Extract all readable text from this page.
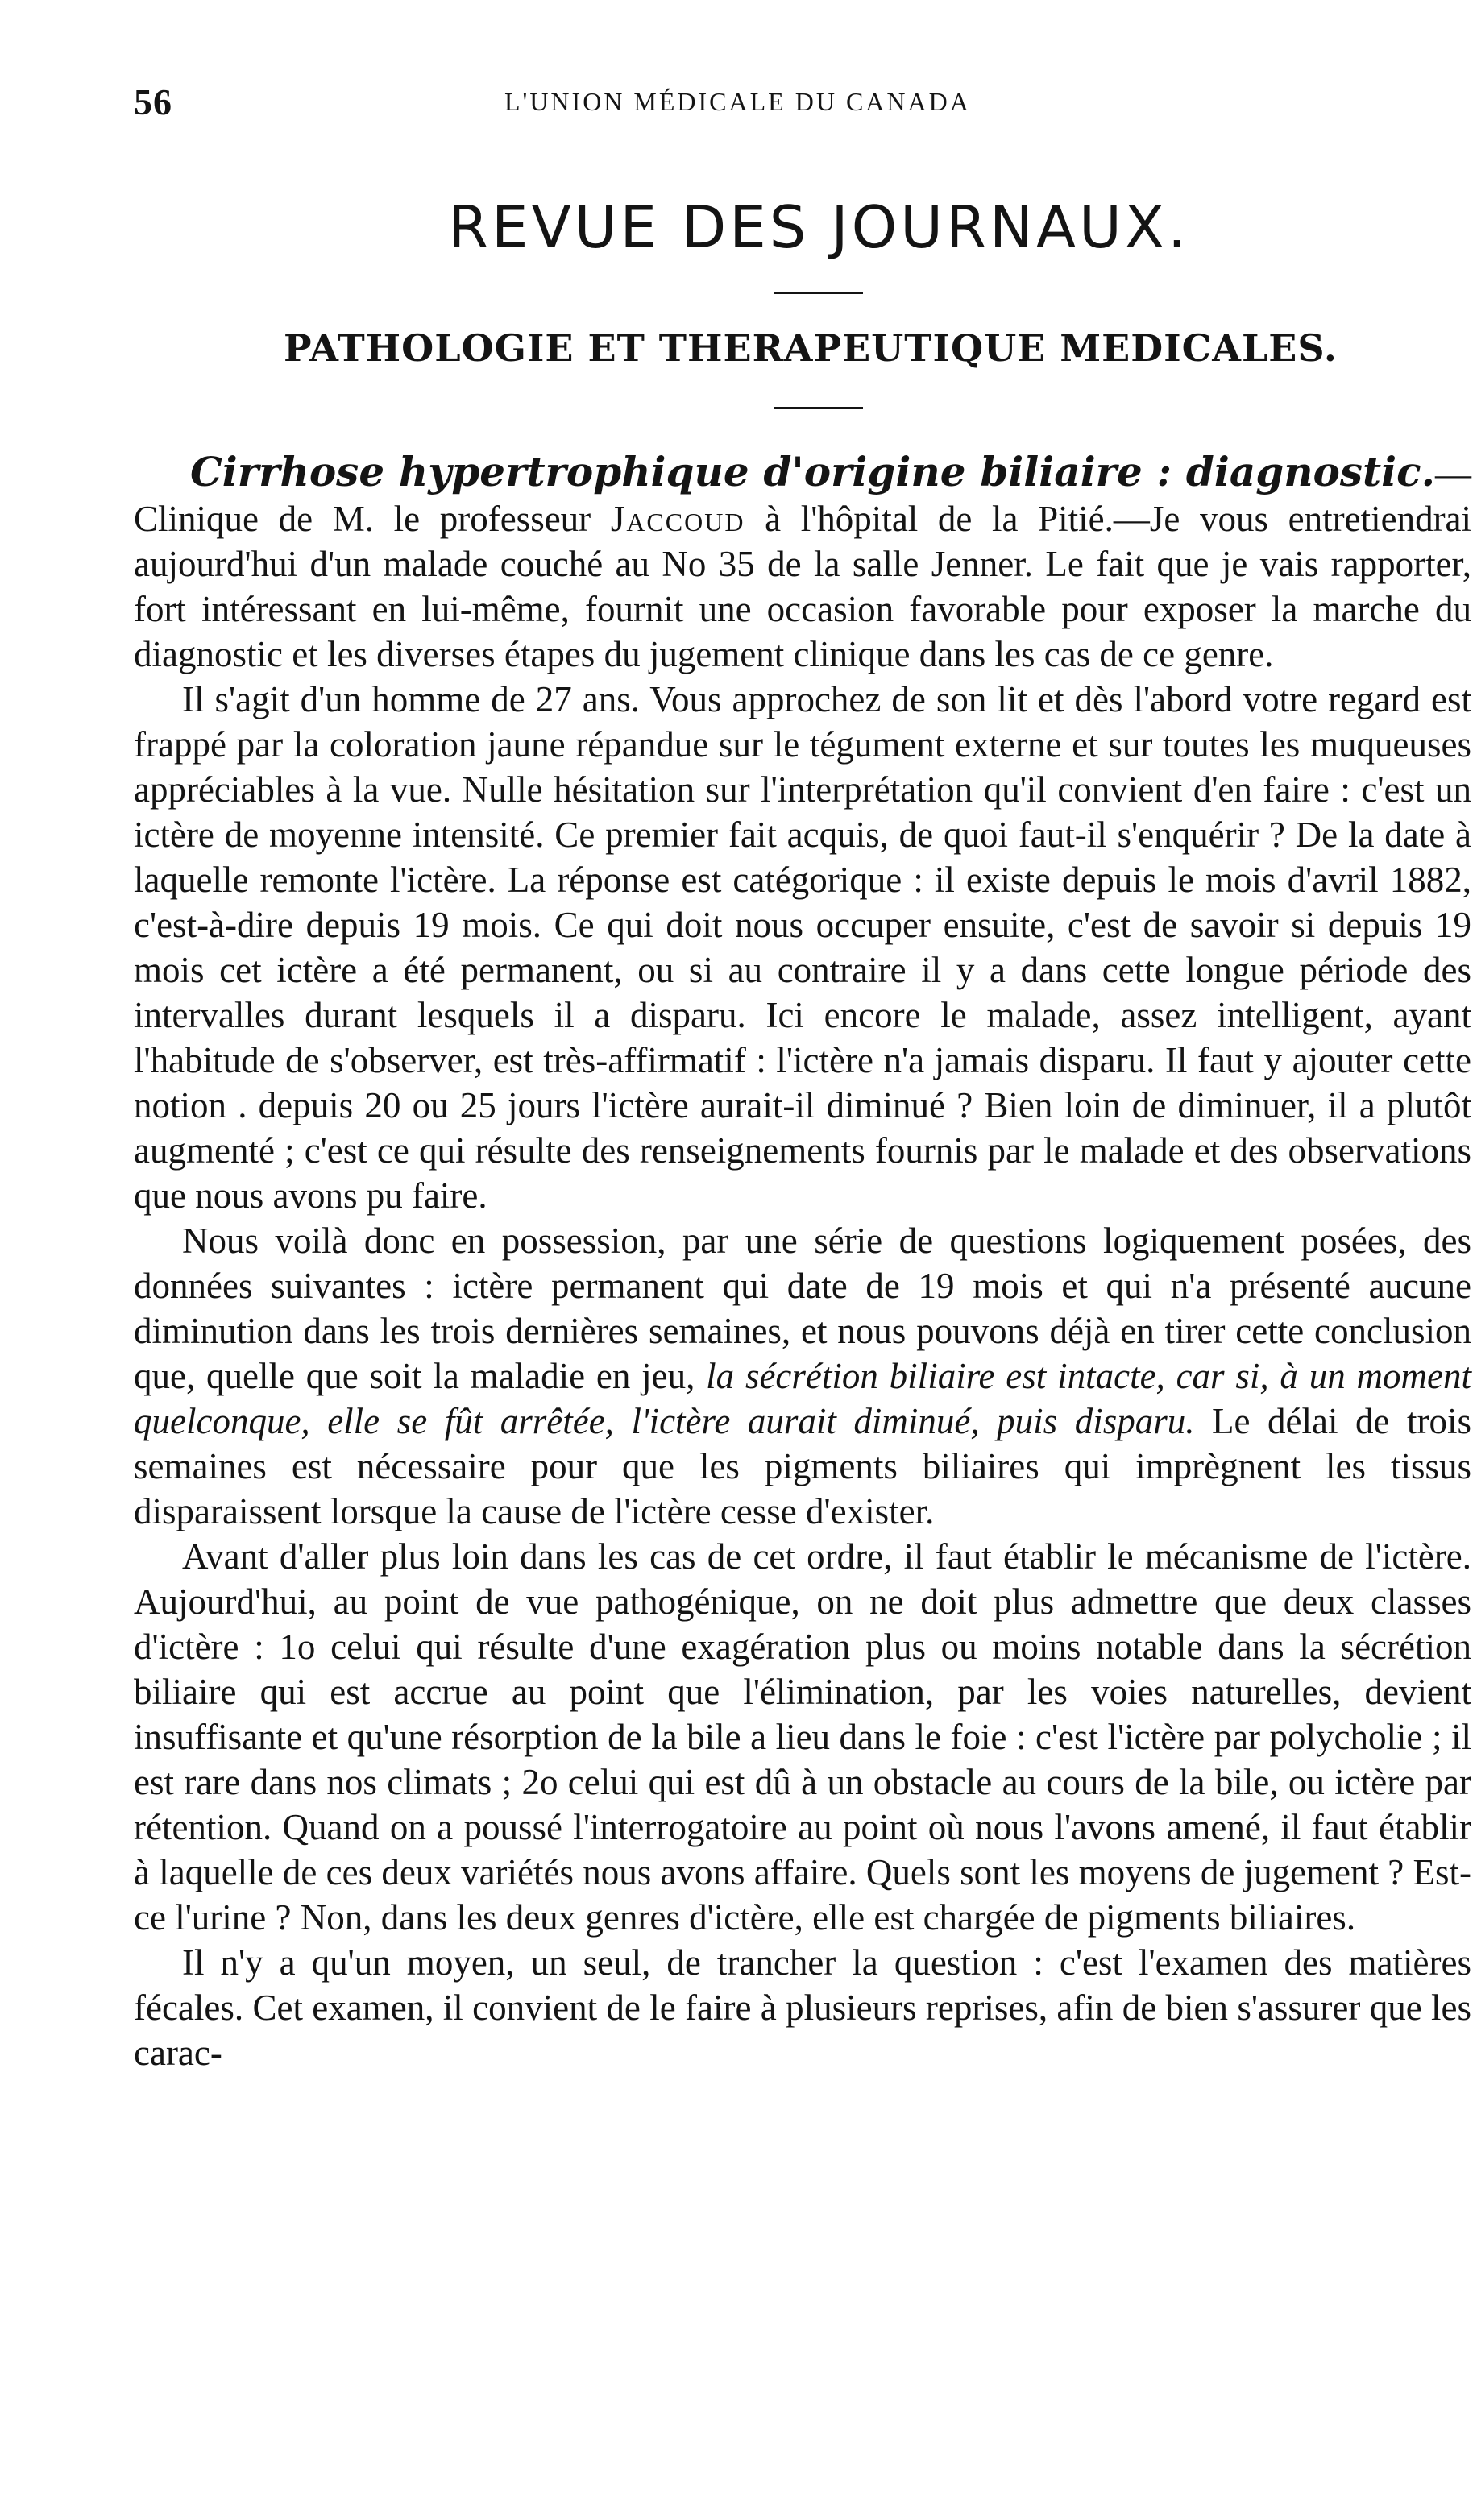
56	L'UNION MÉDICALE DU CANADA
REVUE DES JOURNAUX.
PATHOLOGIE ET THERAPEUTIQUE MEDICALES.

Cirrhose hypertrophique d'origine biliaire : diagnostic.—Clinique de M. le professeur Jaccoud à l'hôpital de la Pitié.—Je vous entretiendrai aujourd'hui d'un malade couché au No 35 de la salle Jenner. Le fait que je vais rapporter, fort intéressant en lui-même, fournit une occasion favorable pour exposer la marche du diagnostic et les diverses étapes du jugement clinique dans les cas de ce genre.

Il s'agit d'un homme de 27 ans. Vous approchez de son lit et dès l'abord votre regard est frappé par la coloration jaune répandue sur le tégument externe et sur toutes les muqueuses appréciables à la vue. Nulle hésitation sur l'interprétation qu'il convient d'en faire : c'est un ictère de moyenne intensité. Ce premier fait acquis, de quoi faut-il s'enquérir ? De la date à laquelle remonte l'ictère. La réponse est catégorique : il existe depuis le mois d'avril 1882, c'est-à-dire depuis 19 mois. Ce qui doit nous occuper ensuite, c'est de savoir si depuis 19 mois cet ictère a été permanent, ou si au contraire il y a dans cette longue période des intervalles durant lesquels il a disparu. Ici encore le malade, assez intelligent, ayant l'habitude de s'observer, est très-affirmatif : l'ictère n'a jamais disparu. Il faut y ajouter cette notion . depuis 20 ou 25 jours l'ictère aurait-il diminué ? Bien loin de diminuer, il a plutôt augmenté ; c'est ce qui résulte des renseignements fournis par le malade et des observations que nous avons pu faire.

Nous voilà donc en possession, par une série de questions logiquement posées, des données suivantes : ictère permanent qui date de 19 mois et qui n'a présenté aucune diminution dans les trois dernières semaines, et nous pouvons déjà en tirer cette conclusion que, quelle que soit la maladie en jeu, la sécrétion biliaire est intacte, car si, à un moment quelconque, elle se fût arrêtée, l'ictère aurait diminué, puis disparu. Le délai de trois semaines est nécessaire pour que les pigments biliaires qui imprègnent les tissus disparaissent lorsque la cause de l'ictère cesse d'exister.

Avant d'aller plus loin dans les cas de cet ordre, il faut établir le mécanisme de l'ictère. Aujourd'hui, au point de vue pathogénique, on ne doit plus admettre que deux classes d'ictère : 1o celui qui résulte d'une exagération plus ou moins notable dans la sécrétion biliaire qui est accrue au point que l'élimination, par les voies naturelles, devient insuffisante et qu'une résorption de la bile a lieu dans le foie : c'est l'ictère par polycholie ; il est rare dans nos climats ; 2o celui qui est dû à un obstacle au cours de la bile, ou ictère par rétention. Quand on a poussé l'interrogatoire au point où nous l'avons amené, il faut établir à laquelle de ces deux variétés nous avons affaire. Quels sont les moyens de jugement ? Est-ce l'urine ? Non, dans les deux genres d'ictère, elle est chargée de pigments biliaires.

Il n'y a qu'un moyen, un seul, de trancher la question : c'est l'examen des matières fécales. Cet examen, il convient de le faire à plusieurs reprises, afin de bien s'assurer que les carac-
